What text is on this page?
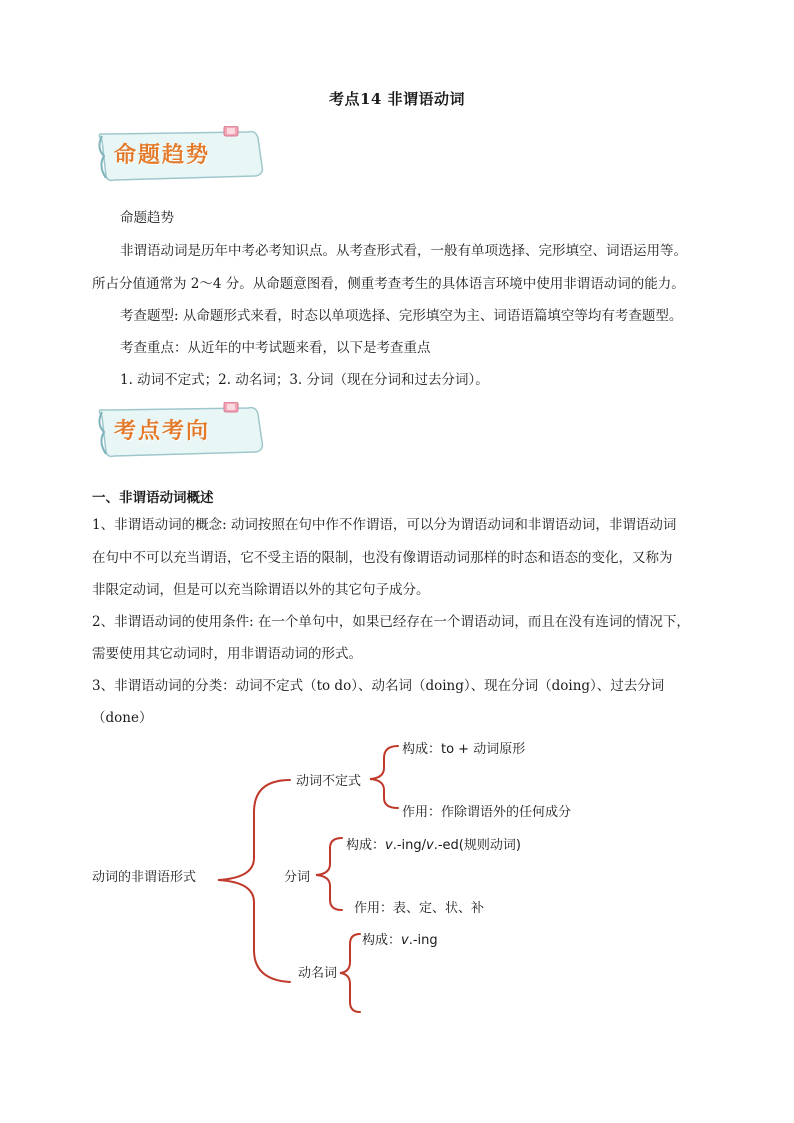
考点14 非谓语动词
命题趋势
命题趋势
非谓语动词是历年中考必考知识点。从考查形式看，一般有单项选择、完形填空、词语运用等。
所占分值通常为 2～4 分。从命题意图看，侧重考查考生的具体语言环境中使用非谓语动词的能力。
考查题型: 从命题形式来看，时态以单项选择、完形填空为主、词语语篇填空等均有考查题型。
考查重点：从近年的中考试题来看，以下是考查重点
1. 动词不定式；2. 动名词；3. 分词（现在分词和过去分词）。
考点考向
一、非谓语动词概述
1、非谓语动词的概念: 动词按照在句中作不作谓语，可以分为谓语动词和非谓语动词，非谓语动词
在句中不可以充当谓语，它不受主语的限制，也没有像谓语动词那样的时态和语态的变化，又称为
非限定动词，但是可以充当除谓语以外的其它句子成分。
2、非谓语动词的使用条件: 在一个单句中，如果已经存在一个谓语动词，而且在没有连词的情况下，
需要使用其它动词时，用非谓语动词的形式。
3、非谓语动词的分类：动词不定式（to do）、动名词（doing）、现在分词（doing）、过去分词
（done）
动词的非谓语形式
动词不定式
构成：to + 动词原形
作用：作除谓语外的任何成分
分词
构成：v.-ing/v.-ed(规则动词)
作用：表、定、状、补
构成：v.-ing
动名词
